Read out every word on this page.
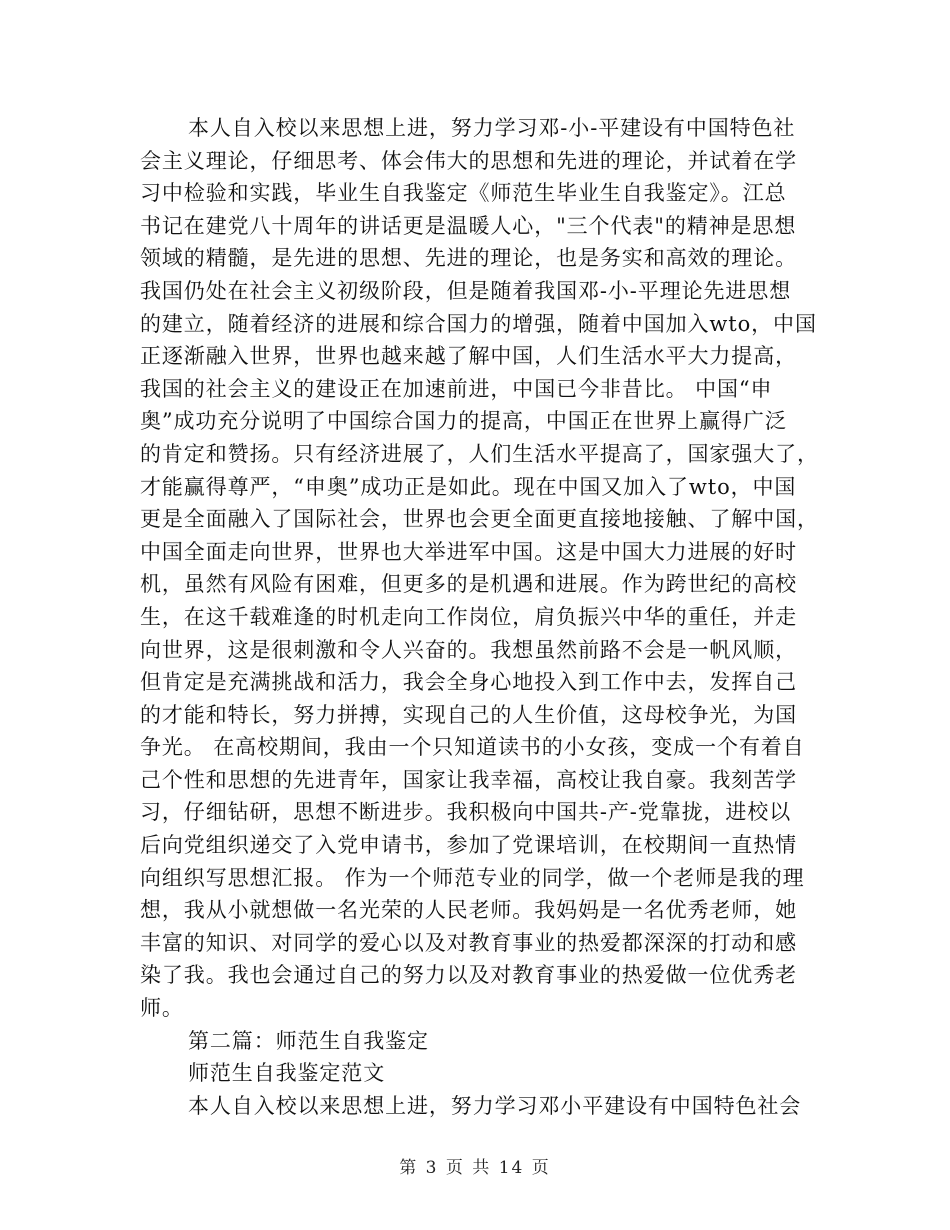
本人自入校以来思想上进，努力学习邓-小-平建设有中国特色社
会主义理论，仔细思考、体会伟大的思想和先进的理论，并试着在学
习中检验和实践，毕业生自我鉴定《师范生毕业生自我鉴定》。江总
书记在建党八十周年的讲话更是温暖人心，"三个代表"的精神是思想
领域的精髓，是先进的思想、先进的理论，也是务实和高效的理论。
我国仍处在社会主义初级阶段，但是随着我国邓-小-平理论先进思想
的建立，随着经济的进展和综合国力的增强，随着中国加入wto，中国
正逐渐融入世界，世界也越来越了解中国，人们生活水平大力提高，
我国的社会主义的建设正在加速前进，中国已今非昔比。 中国“申
奥”成功充分说明了中国综合国力的提高，中国正在世界上赢得广泛
的肯定和赞扬。只有经济进展了，人们生活水平提高了，国家强大了，
才能赢得尊严，“申奥”成功正是如此。现在中国又加入了wto，中国
更是全面融入了国际社会，世界也会更全面更直接地接触、了解中国，
中国全面走向世界，世界也大举进军中国。这是中国大力进展的好时
机，虽然有风险有困难，但更多的是机遇和进展。作为跨世纪的高校
生，在这千载难逢的时机走向工作岗位，肩负振兴中华的重任，并走
向世界，这是很刺激和令人兴奋的。我想虽然前路不会是一帆风顺，
但肯定是充满挑战和活力，我会全身心地投入到工作中去，发挥自己
的才能和特长，努力拼搏，实现自己的人生价值，这母校争光，为国
争光。 在高校期间，我由一个只知道读书的小女孩，变成一个有着自
己个性和思想的先进青年，国家让我幸福，高校让我自豪。我刻苦学
习，仔细钻研，思想不断进步。我积极向中国共-产-党靠拢，进校以
后向党组织递交了入党申请书，参加了党课培训，在校期间一直热情
向组织写思想汇报。 作为一个师范专业的同学，做一个老师是我的理
想，我从小就想做一名光荣的人民老师。我妈妈是一名优秀老师，她
丰富的知识、对同学的爱心以及对教育事业的热爱都深深的打动和感
染了我。我也会通过自己的努力以及对教育事业的热爱做一位优秀老
师。
第二篇：师范生自我鉴定
师范生自我鉴定范文
本人自入校以来思想上进，努力学习邓小平建设有中国特色社会
第 3 页 共 14 页
